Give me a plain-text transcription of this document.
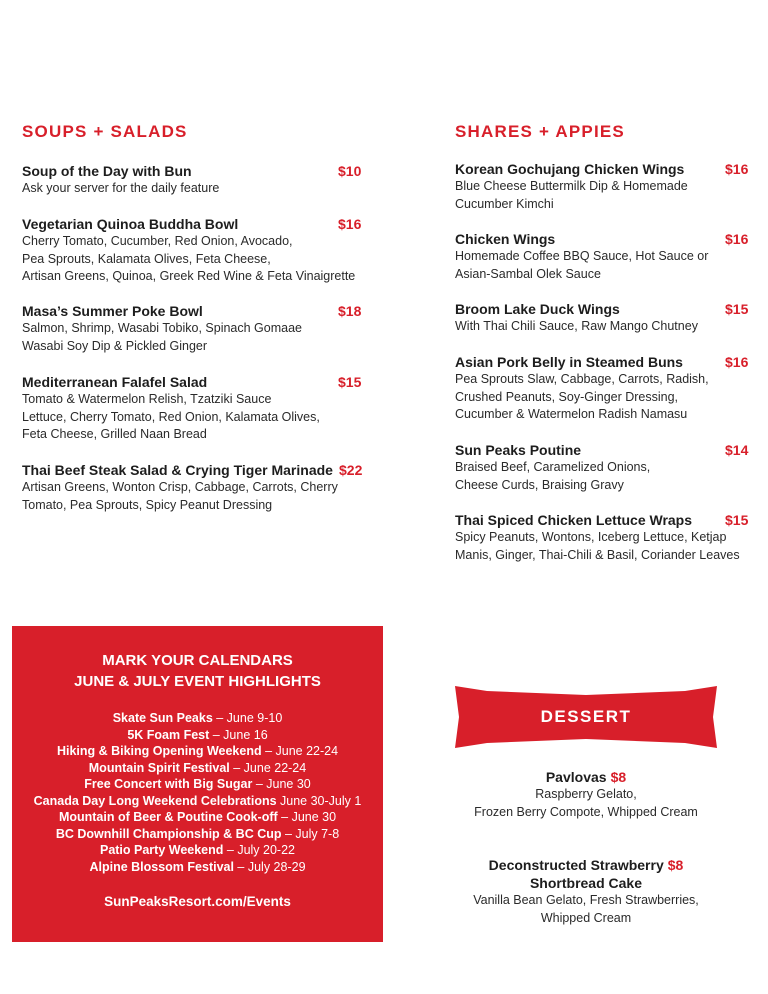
SOUPS + SALADS
Soup of the Day with Bun	$10
Ask your server for the daily feature
Vegetarian Quinoa Buddha Bowl	$16
Cherry Tomato, Cucumber, Red Onion, Avocado,
Pea Sprouts, Kalamata Olives, Feta Cheese,
Artisan Greens, Quinoa, Greek Red Wine & Feta Vinaigrette
Masa’s Summer Poke Bowl	$18
Salmon, Shrimp, Wasabi Tobiko, Spinach Gomaae
Wasabi Soy Dip & Pickled Ginger
Mediterranean Falafel Salad	$15
Tomato & Watermelon Relish, Tzatziki Sauce
Lettuce, Cherry Tomato, Red Onion, Kalamata Olives,
Feta Cheese, Grilled Naan Bread
Thai Beef Steak Salad & Crying Tiger Marinade $22
Artisan Greens, Wonton Crisp, Cabbage, Carrots, Cherry
Tomato, Pea Sprouts, Spicy Peanut Dressing
SHARES + APPIES
Korean Gochujang Chicken Wings	$16
Blue Cheese Buttermilk Dip & Homemade
Cucumber Kimchi
Chicken Wings	$16
Homemade Coffee BBQ Sauce, Hot Sauce or
Asian-Sambal Olek Sauce
Broom Lake Duck Wings	$15
With Thai Chili Sauce, Raw Mango Chutney
Asian Pork Belly in Steamed Buns	$16
Pea Sprouts Slaw, Cabbage, Carrots, Radish,
Crushed Peanuts, Soy-Ginger Dressing,
Cucumber & Watermelon Radish Namasu
Sun Peaks Poutine	$14
Braised Beef, Caramelized Onions,
Cheese Curds, Braising Gravy
Thai Spiced Chicken Lettuce Wraps	$15
Spicy Peanuts, Wontons, Iceberg Lettuce, Ketjap
Manis, Ginger, Thai-Chili & Basil, Coriander Leaves
MARK YOUR CALENDARS
JUNE & JULY EVENT HIGHLIGHTS
Skate Sun Peaks – June 9-10
5K Foam Fest – June 16
Hiking & Biking Opening Weekend – June 22-24
Mountain Spirit Festival – June 22-24
Free Concert with Big Sugar – June 30
Canada Day Long Weekend Celebrations June 30-July 1
Mountain of Beer & Poutine Cook-off – June 30
BC Downhill Championship & BC Cup – July 7-8
Patio Party Weekend – July 20-22
Alpine Blossom Festival – July 28-29
SunPeaksResort.com/Events
DESSERT
Pavlovas $8
Raspberry Gelato,
Frozen Berry Compote, Whipped Cream
Deconstructed Strawberry $8
Shortbread Cake
Vanilla Bean Gelato, Fresh Strawberries,
Whipped Cream
